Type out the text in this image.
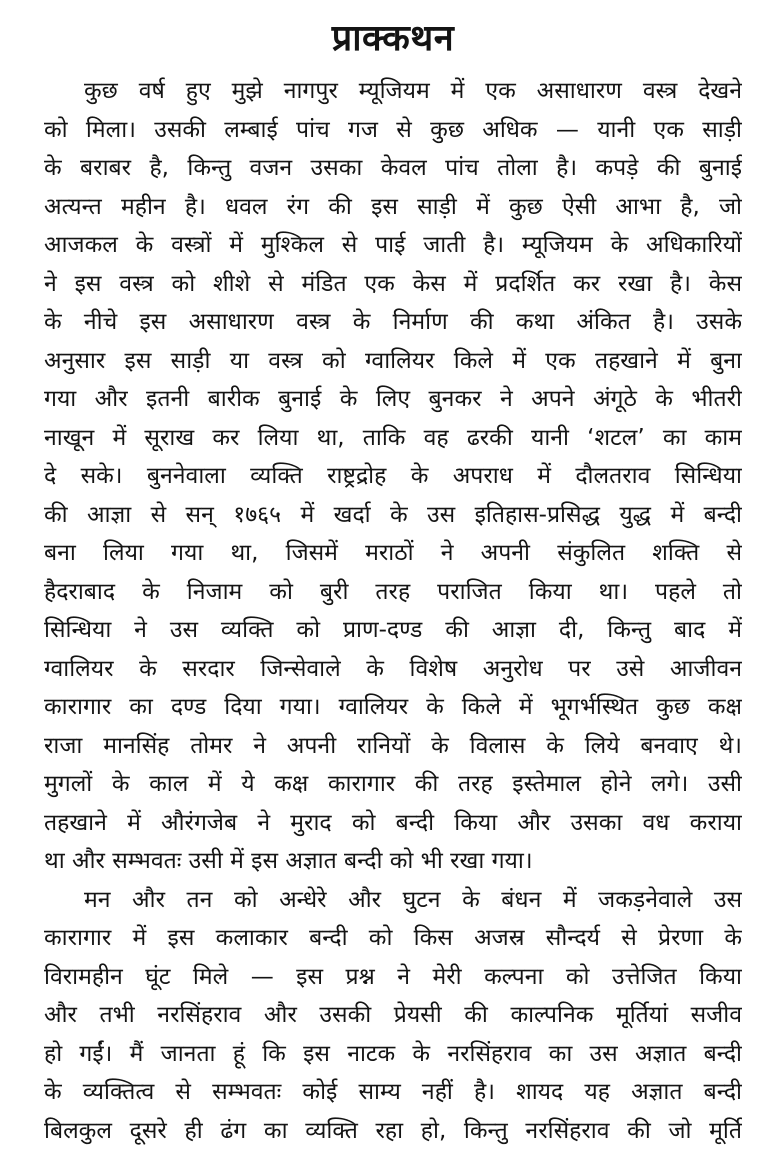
प्राक्कथन
कुछ वर्ष हुए मुझे नागपुर म्यूजियम में एक असाधारण वस्त्र देखने
को मिला। उसकी लम्बाई पांच गज से कुछ अधिक — यानी एक साड़ी
के बराबर है, किन्तु वजन उसका केवल पांच तोला है। कपड़े की बुनाई
अत्यन्त महीन है। धवल रंग की इस साड़ी में कुछ ऐसी आभा है, जो
आजकल के वस्त्रों में मुश्किल से पाई जाती है। म्यूजियम के अधिकारियों
ने इस वस्त्र को शीशे से मंडित एक केस में प्रदर्शित कर रखा है। केस
के नीचे इस असाधारण वस्त्र के निर्माण की कथा अंकित है। उसके
अनुसार इस साड़ी या वस्त्र को ग्वालियर किले में एक तहखाने में बुना
गया और इतनी बारीक बुनाई के लिए बुनकर ने अपने अंगूठे के भीतरी
नाखून में सूराख कर लिया था, ताकि वह ढरकी यानी ‘शटल’ का काम
दे सके। बुननेवाला व्यक्ति राष्ट्रद्रोह के अपराध में दौलतराव सिन्धिया
की आज्ञा से सन् १७६५ में खर्दा के उस इतिहास-प्रसिद्ध युद्ध में बन्दी
बना लिया गया था, जिसमें मराठों ने अपनी संकुलित शक्ति से
हैदराबाद के निजाम को बुरी तरह पराजित किया था। पहले तो
सिन्धिया ने उस व्यक्ति को प्राण-दण्ड की आज्ञा दी, किन्तु बाद में
ग्वालियर के सरदार जिन्सेवाले के विशेष अनुरोध पर उसे आजीवन
कारागार का दण्ड दिया गया। ग्वालियर के किले में भूगर्भस्थित कुछ कक्ष
राजा मानसिंह तोमर ने अपनी रानियों के विलास के लिये बनवाए थे।
मुगलों के काल में ये कक्ष कारागार की तरह इस्तेमाल होने लगे। उसी
तहखाने में औरंगजेब ने मुराद को बन्दी किया और उसका वध कराया
था और सम्भवतः उसी में इस अज्ञात बन्दी को भी रखा गया।
मन और तन को अन्धेरे और घुटन के बंधन में जकड़नेवाले उस
कारागार में इस कलाकार बन्दी को किस अजस्र सौन्दर्य से प्रेरणा के
विरामहीन घूंट मिले — इस प्रश्न ने मेरी कल्पना को उत्तेजित किया
और तभी नरसिंहराव और उसकी प्रेयसी की काल्पनिक मूर्तियां सजीव
हो गईं। मैं जानता हूं कि इस नाटक के नरसिंहराव का उस अज्ञात बन्दी
के व्यक्तित्व से सम्भवतः कोई साम्य नहीं है। शायद यह अज्ञात बन्दी
बिलकुल दूसरे ही ढंग का व्यक्ति रहा हो, किन्तु नरसिंहराव की जो मूर्ति
